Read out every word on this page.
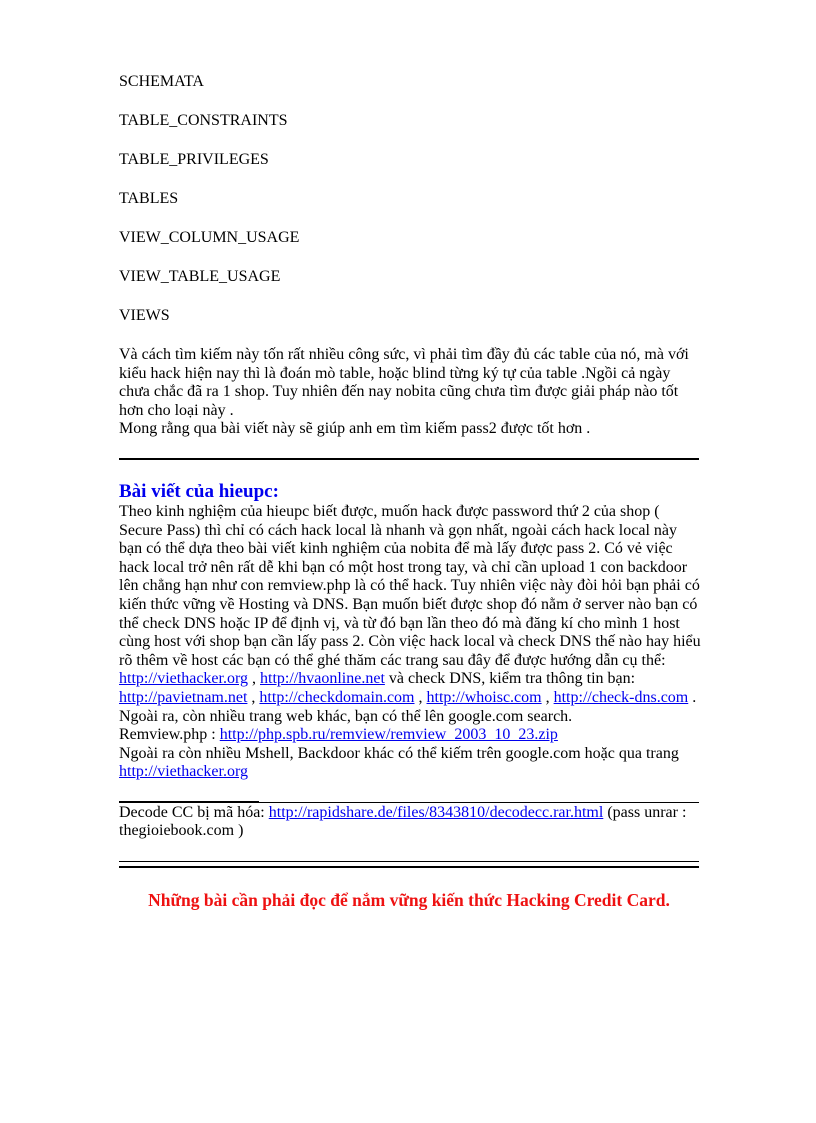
SCHEMATA

TABLE_CONSTRAINTS

TABLE_PRIVILEGES

TABLES

VIEW_COLUMN_USAGE

VIEW_TABLE_USAGE

VIEWS

Và cách tìm kiếm này tốn rất nhiều công sức, vì phải tìm đầy đủ các table của nó, mà với kiểu hack hiện nay thì là đoán mò table, hoặc blind từng ký tự của table .Ngồi cả ngày chưa chắc đã ra 1 shop. Tuy nhiên đến nay nobita cũng chưa tìm được giải pháp nào tốt hơn cho loại này .

Mong rằng qua bài viết này sẽ giúp anh em tìm kiếm pass2 được tốt hơn .

Bài viết của hieupc:

Theo kinh nghiệm của hieupc biết được, muốn hack được password thứ 2 của shop ( Secure Pass) thì chỉ có cách hack local là nhanh và gọn nhất, ngoài cách hack local này bạn có thể dựa theo bài viết kinh nghiệm của nobita để mà lấy được pass 2. Có vẻ việc hack local trở nên rất dễ khi bạn có một host trong tay, và chỉ cần upload 1 con backdoor lên chẳng hạn như con remview.php là có thể hack. Tuy nhiên việc này đòi hỏi bạn phải có kiến thức vững về Hosting và DNS. Bạn muốn biết được shop đó nằm ở server nào bạn có thể check DNS hoặc IP để định vị, và từ đó bạn lần theo đó mà đăng kí cho mình 1 host cùng host với shop bạn cần lấy pass 2. Còn việc hack local và check DNS thế nào hay hiểu rõ thêm về host các bạn có thể ghé thăm các trang sau đây để được hướng dẫn cụ thể: http://viethacker.org , http://hvaonline.net và check DNS, kiểm tra thông tin bạn: http://pavietnam.net , http://checkdomain.com , http://whoisc.com , http://check-dns.com . Ngoài ra, còn nhiều trang web khác, bạn có thể lên google.com search.

Remview.php : http://php.spb.ru/remview/remview_2003_10_23.zip

Ngoài ra còn nhiều Mshell, Backdoor khác có thể kiếm trên google.com hoặc qua trang http://viethacker.org

Decode CC bị mã hóa: http://rapidshare.de/files/8343810/decodecc.rar.html (pass unrar : thegioiebook.com )

Những bài cần phải đọc để nắm vững kiến thức Hacking Credit Card.
